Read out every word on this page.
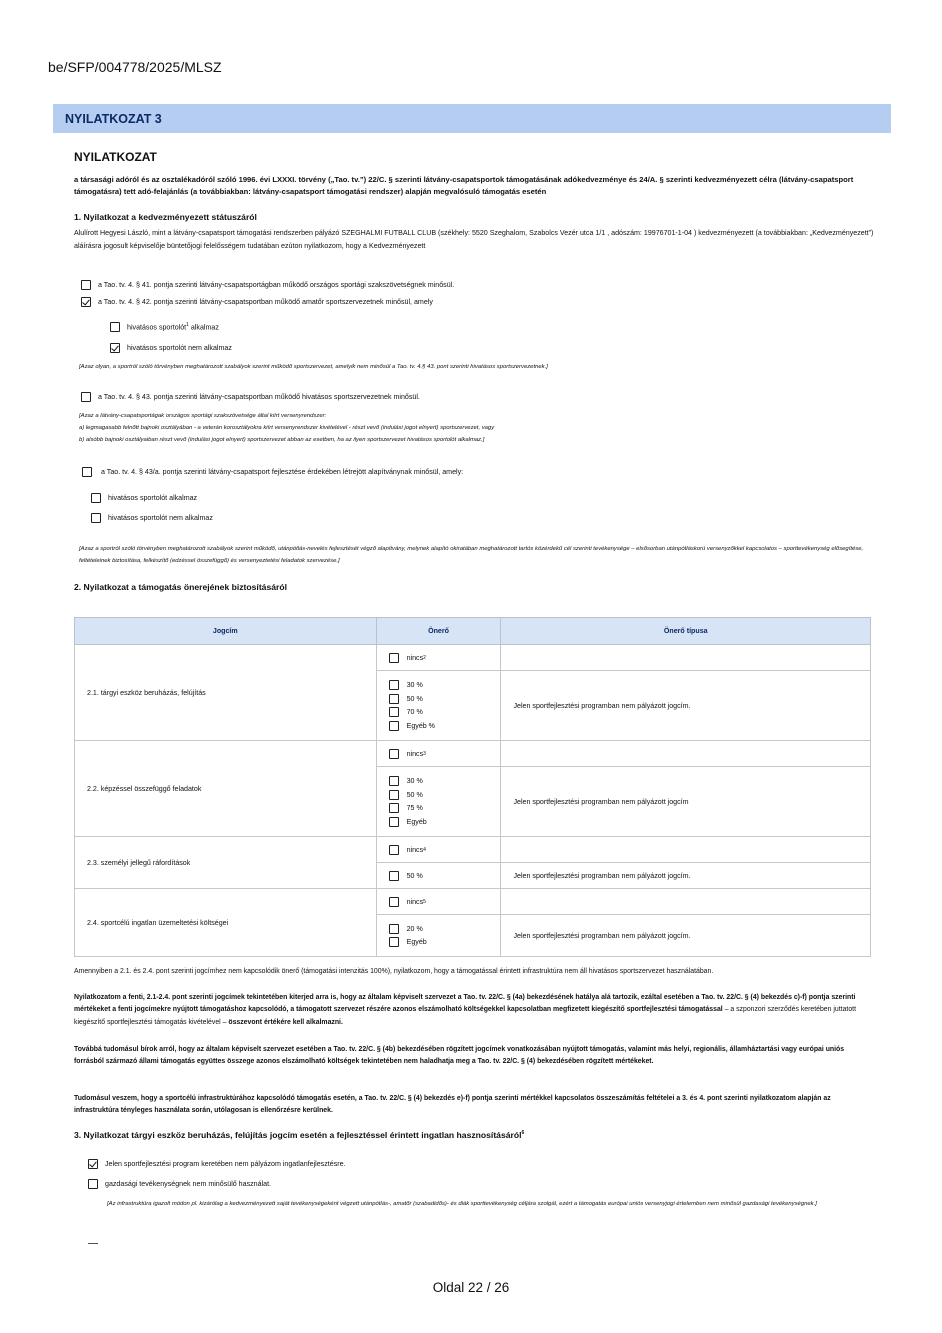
be/SFP/004778/2025/MLSZ
NYILATKOZAT 3
NYILATKOZAT

a társasági adóról és az osztalékadóról szóló 1996. évi LXXXI. törvény („Tao. tv.”) 22/C. § szerinti látvány-csapatsportok támogatásának adókedvezménye és 24/A. § szerinti kedvezményezett célra (látvány-csapatsport támogatásra) tett adó-felajánlás (a továbbiakban: látvány-csapatsport támogatási rendszer) alapján megvalósuló támogatás esetén

1. Nyilatkozat a kedvezményezett státuszáról
Alulírott Hegyesi László, mint a látvány-csapatsport támogatási rendszerben pályázó SZEGHALMI FUTBALL CLUB (székhely: 5520 Szeghalom, Szabolcs Vezér utca 1/1 , adószám: 19976701-1-04 ) kedvezményezett (a továbbiakban: „Kedvezményezett”) aláírásra jogosult képviselője büntetőjogi felelősségem tudatában ezúton nyilatkozom, hogy a Kedvezményezett
a Tao. tv. 4. § 41. pontja szerinti látvány-csapatsportágban működő országos sportági szakszövetségnek minősül.
a Tao. tv. 4. § 42. pontja szerinti látvány-csapatsportban működő amatőr sportszervezetnek minősül, amely
hivatásos sportolót$^1$ alkalmaz
hivatásos sportolót nem alkalmaz
[Azaz olyan, a sportról szóló törvényben meghatározott szabályok szerint működő sportszervezet, amelyik nem minősül a Tao. tv. 4.§ 43. pont szerinti hivatásos sportszervezetnek.]
a Tao. tv. 4. § 43. pontja szerinti látvány-csapatsportban működő hivatásos sportszervezetnek minősül.
[Azaz a látvány-csapatsportágak országos sportági szakszövetsége által kiírt versenyrendszer:
a) legmagasabb felnőtt bajnoki osztályában - a veterán korosztályokra kiírt versenyrendszer kivételével - részt vevő (indulási jogot elnyert) sportszervezet, vagy
b) alsóbb bajnoki osztályaiban részt vevő (indulási jogot elnyert) sportszervezet abban az esetben, ha az ilyen sportszervezet hivatásos sportolót alkalmaz.]
a Tao. tv. 4. § 43/a. pontja szerinti látvány-csapatsport fejlesztése érdekében létrejött alapítványnak minősül, amely:
hivatásos sportolót alkalmaz
hivatásos sportolót nem alkalmaz
[Azaz a sportról szóló törvényben meghatározott szabályok szerint működő, utánpótlás-nevelés fejlesztését végző alapítvány, melynek alapító okiratában meghatározott tartós közérdekű cél szerinti tevékenysége – elsősorban utánpótláskorú versenyzőkkel kapcsolatos – sporttevékenység elősegítése, feltételeinek biztosítása, felkészítő (edzéssel összefüggő) és versenyeztetési feladatok szervezése.]
2. Nyilatkozat a támogatás önerejének biztosításáról
Jogcím	Önerő	Önerő típusa
2.1. tárgyi eszköz beruházás, felújítás	nincs 2	

	30 %
50 %
70 %
Egyéb %	Jelen sportfejlesztési programban nem pályázott jogcím.
2.2. képzéssel összefüggő feladatok	nincs 3	

	30 %
50 %
75 %
Egyéb	Jelen sportfejlesztési programban nem pályázott jogcím
2.3. személyi jellegű ráfordítások	nincs 4	

	50 %	Jelen sportfejlesztési programban nem pályázott jogcím.
2.4. sportcélú ingatlan üzemeltetési költségei	nincs 5	

	20 %
Egyéb	Jelen sportfejlesztési programban nem pályázott jogcím.
Amennyiben a 2.1. és 2.4. pont szerinti jogcímhez nem kapcsolódik önerő (támogatási intenzitás 100%), nyilatkozom, hogy a támogatással érintett infrastruktúra nem áll hivatásos sportszervezet használatában.
Nyilatkozatom a fenti, 2.1-2.4. pont szerinti jogcímek tekintetében kiterjed arra is, hogy az általam képviselt szervezet a Tao. tv. 22/C. § (4a) bekezdésének hatálya alá tartozik, ezáltal esetében a Tao. tv. 22/C. § (4) bekezdés c)-f) pontja szerinti mértékeket a fenti jogcímekre nyújtott támogatáshoz kapcsolódó, a támogatott szervezet részére azonos elszámolható költségekkel kapcsolatban megfizetett kiegészítő sportfejlesztési támogatással – a szponzori szerződés keretében juttatott kiegészítő sportfejlesztési támogatás kivételével – összevont értékére kell alkalmazni.
Továbbá tudomásul bírok arról, hogy az általam képviselt szervezet esetében a Tao. tv. 22/C. § (4b) bekezdésében rögzített jogcímek vonatkozásában nyújtott támogatás, valamint más helyi, regionális, államháztartási vagy európai uniós forrásból származó állami támogatás együttes összege azonos elszámolható költségek tekintetében nem haladhatja meg a Tao. tv. 22/C. § (4) bekezdésében rögzített mértékeket.
Tudomásul veszem, hogy a sportcélú infrastruktúrához kapcsolódó támogatás esetén, a Tao. tv. 22/C. § (4) bekezdés e)-f) pontja szerinti mértékkel kapcsolatos összeszámítás feltételei a 3. és 4. pont szerinti nyilatkozatom alapján az infrastruktúra tényleges használata során, utólagosan is ellenőrzésre kerülnek.
3. Nyilatkozat tárgyi eszköz beruházás, felújítás jogcím esetén a fejlesztéssel érintett ingatlan hasznosításáról$^6$
Jelen sportfejlesztési program keretében nem pályázom ingatlanfejlesztésre.
gazdasági tevékenységnek nem minősülő használat.
[Az infrastruktúra igazolt módon pl. kizárólag a kedvezményezett saját tevékenységeként végzett utánpótlás-, amatőr (szabadidős)- és diák sporttevékenység céljára szolgál, ezért a támogatás európai uniós versenyjogi értelemben nem minősül gazdasági tevékenységnek.]
Oldal 22 / 26
